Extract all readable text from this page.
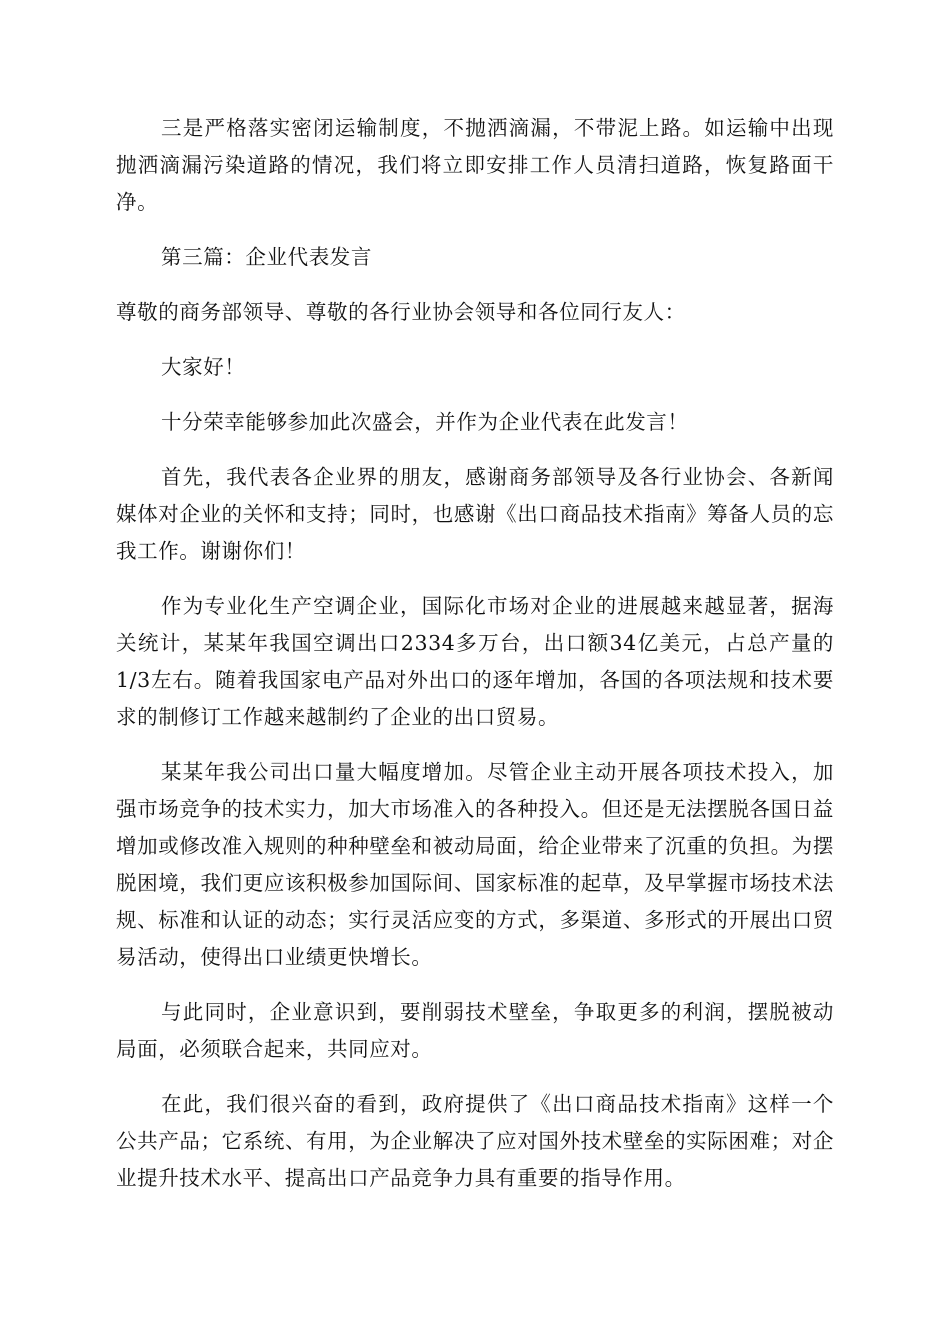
三是严格落实密闭运输制度，不抛洒滴漏，不带泥上路。如运输中出现抛洒滴漏污染道路的情况，我们将立即安排工作人员清扫道路，恢复路面干净。

第三篇：企业代表发言

尊敬的商务部领导、尊敬的各行业协会领导和各位同行友人：

大家好！

十分荣幸能够参加此次盛会，并作为企业代表在此发言！

首先，我代表各企业界的朋友，感谢商务部领导及各行业协会、各新闻媒体对企业的关怀和支持；同时，也感谢《出口商品技术指南》筹备人员的忘我工作。谢谢你们！

作为专业化生产空调企业，国际化市场对企业的进展越来越显著，据海关统计，某某年我国空调出口2334多万台，出口额34亿美元，占总产量的1/3左右。随着我国家电产品对外出口的逐年增加，各国的各项法规和技术要求的制修订工作越来越制约了企业的出口贸易。

某某年我公司出口量大幅度增加。尽管企业主动开展各项技术投入，加强市场竞争的技术实力，加大市场准入的各种投入。但还是无法摆脱各国日益增加或修改准入规则的种种壁垒和被动局面，给企业带来了沉重的负担。为摆脱困境，我们更应该积极参加国际间、国家标准的起草，及早掌握市场技术法规、标准和认证的动态；实行灵活应变的方式，多渠道、多形式的开展出口贸易活动，使得出口业绩更快增长。

与此同时，企业意识到，要削弱技术壁垒，争取更多的利润，摆脱被动局面，必须联合起来，共同应对。

在此，我们很兴奋的看到，政府提供了《出口商品技术指南》这样一个公共产品；它系统、有用，为企业解决了应对国外技术壁垒的实际困难；对企业提升技术水平、提高出口产品竞争力具有重要的指导作用。
